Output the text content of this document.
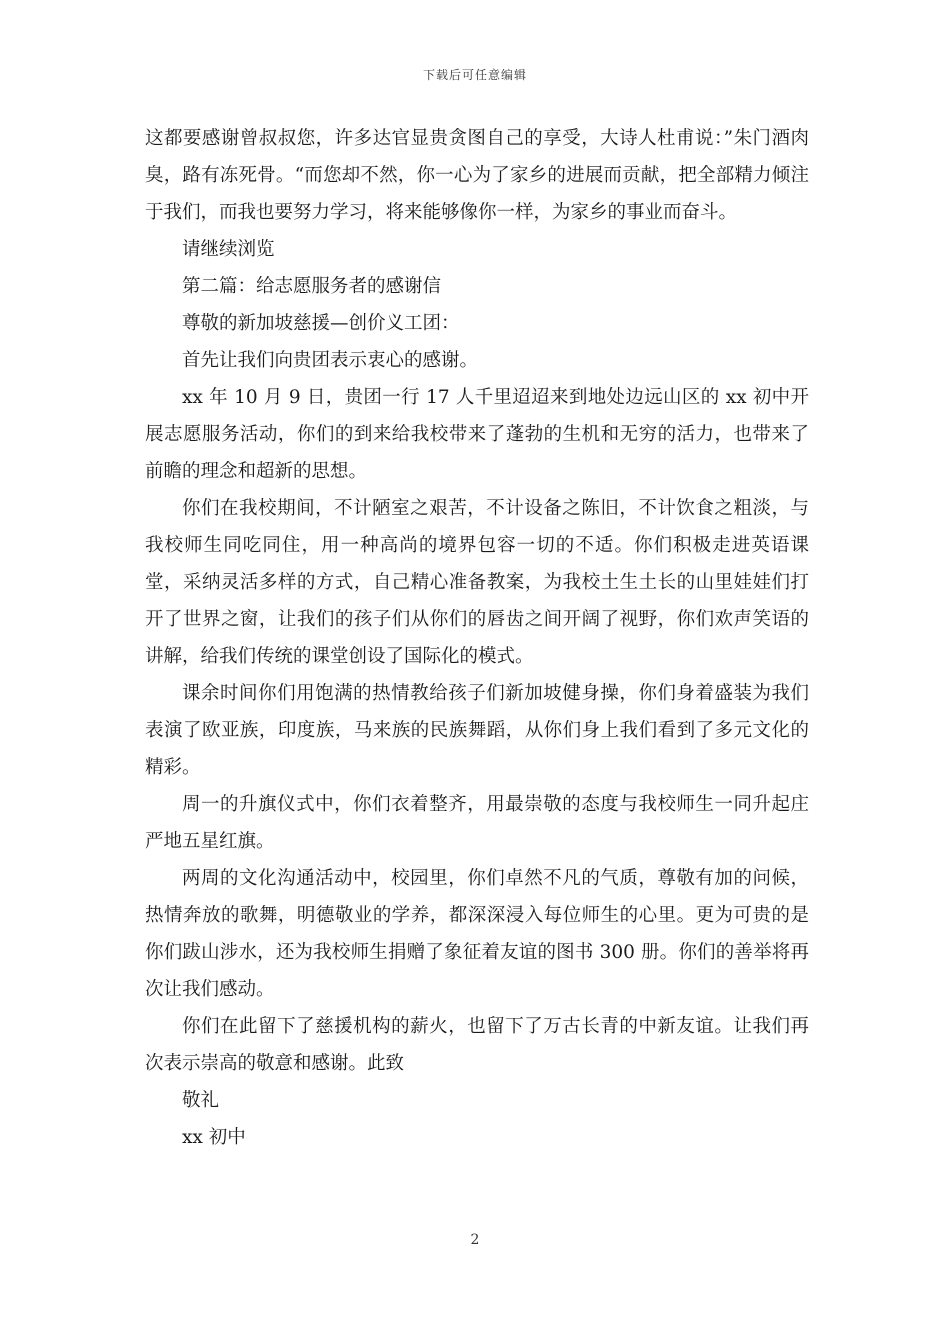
下载后可任意编辑

这都要感谢曾叔叔您，许多达官显贵贪图自己的享受，大诗人杜甫说：”朱门酒肉臭，路有冻死骨。“而您却不然，你一心为了家乡的进展而贡献，把全部精力倾注于我们，而我也要努力学习，将来能够像你一样，为家乡的事业而奋斗。

请继续浏览

第二篇：给志愿服务者的感谢信

尊敬的新加坡慈援—创价义工团：

首先让我们向贵团表示衷心的感谢。

xx 年 10 月 9 日，贵团一行 17 人千里迢迢来到地处边远山区的 xx 初中开展志愿服务活动，你们的到来给我校带来了蓬勃的生机和无穷的活力，也带来了前瞻的理念和超新的思想。

你们在我校期间，不计陋室之艰苦，不计设备之陈旧，不计饮食之粗淡，与我校师生同吃同住，用一种高尚的境界包容一切的不适。你们积极走进英语课堂，采纳灵活多样的方式，自己精心准备教案，为我校土生土长的山里娃娃们打开了世界之窗，让我们的孩子们从你们的唇齿之间开阔了视野，你们欢声笑语的讲解，给我们传统的课堂创设了国际化的模式。

课余时间你们用饱满的热情教给孩子们新加坡健身操，你们身着盛装为我们表演了欧亚族，印度族，马来族的民族舞蹈，从你们身上我们看到了多元文化的精彩。

周一的升旗仪式中，你们衣着整齐，用最崇敬的态度与我校师生一同升起庄严地五星红旗。

两周的文化沟通活动中，校园里，你们卓然不凡的气质，尊敬有加的问候，热情奔放的歌舞，明德敬业的学养，都深深浸入每位师生的心里。更为可贵的是你们跋山涉水，还为我校师生捐赠了象征着友谊的图书 300 册。你们的善举将再次让我们感动。

你们在此留下了慈援机构的薪火，也留下了万古长青的中新友谊。让我们再次表示崇高的敬意和感谢。此致

敬礼

xx 初中

2
